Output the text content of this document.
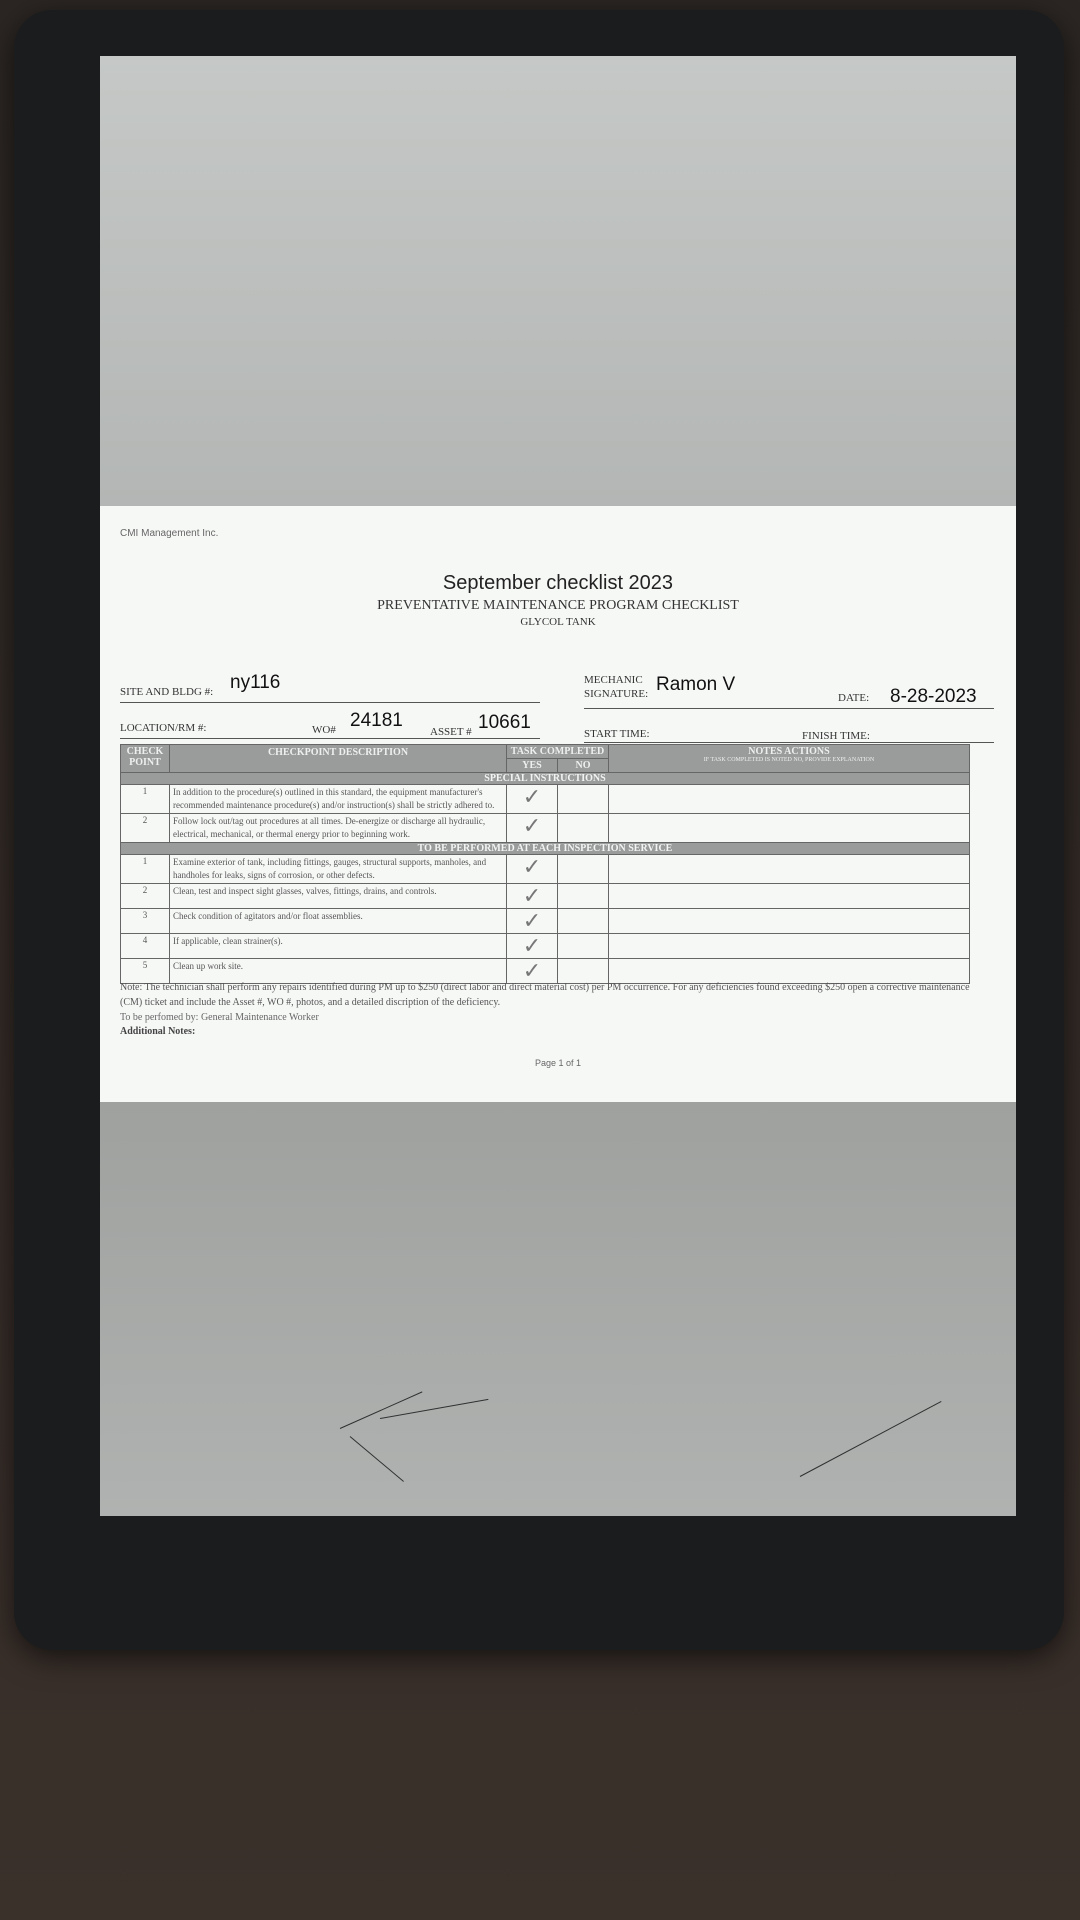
CMI Management Inc.
September checklist 2023
PREVENTATIVE MAINTENANCE PROGRAM CHECKLIST
GLYCOL TANK
SITE AND BLDG #: ny116	MECHANIC
SIGNATURE: Ramon V
DATE: 8-28-2023
LOCATION/RM #:	WO# 24181
ASSET # 10661
START TIME:	FINISH TIME:
CHECK POINT	CHECKPOINT DESCRIPTION	TASK COMPLETED		NOTES ACTIONS
IF TASK COMPLETED IS NOTED NO, PROVIDE EXPLANATION

		YES	NO	
SPECIAL INSTRUCTIONS				
1	In addition to the procedure(s) outlined in this standard, the equipment manufacturer's recommended maintenance procedure(s) and/or instruction(s) shall be strictly adhered to.	✓		
2	Follow lock out/tag out procedures at all times. De-energize or discharge all hydraulic, electrical, mechanical, or thermal energy prior to beginning work.	✓		
TO BE PERFORMED AT EACH INSPECTION SERVICE				
1	Examine exterior of tank, including fittings, gauges, structural supports, manholes, and handholes for leaks, signs of corrosion, or other defects.	✓		
2	Clean, test and inspect sight glasses, valves, fittings, drains, and controls.	✓		
3	Check condition of agitators and/or float assemblies.	✓		
4	If applicable, clean strainer(s).	✓		
5	Clean up work site.	✓		
Note: The technician shall perform any repairs identified during PM up to $250 (direct labor and direct material cost) per PM occurrence. For any deficiencies found exceeding $250 open a corrective maintenance (CM) ticket and include the Asset #, WO #, photos, and a detailed discription of the deficiency.
To be perfomed by: General Maintenance Worker
Additional Notes:
Page 1 of 1
